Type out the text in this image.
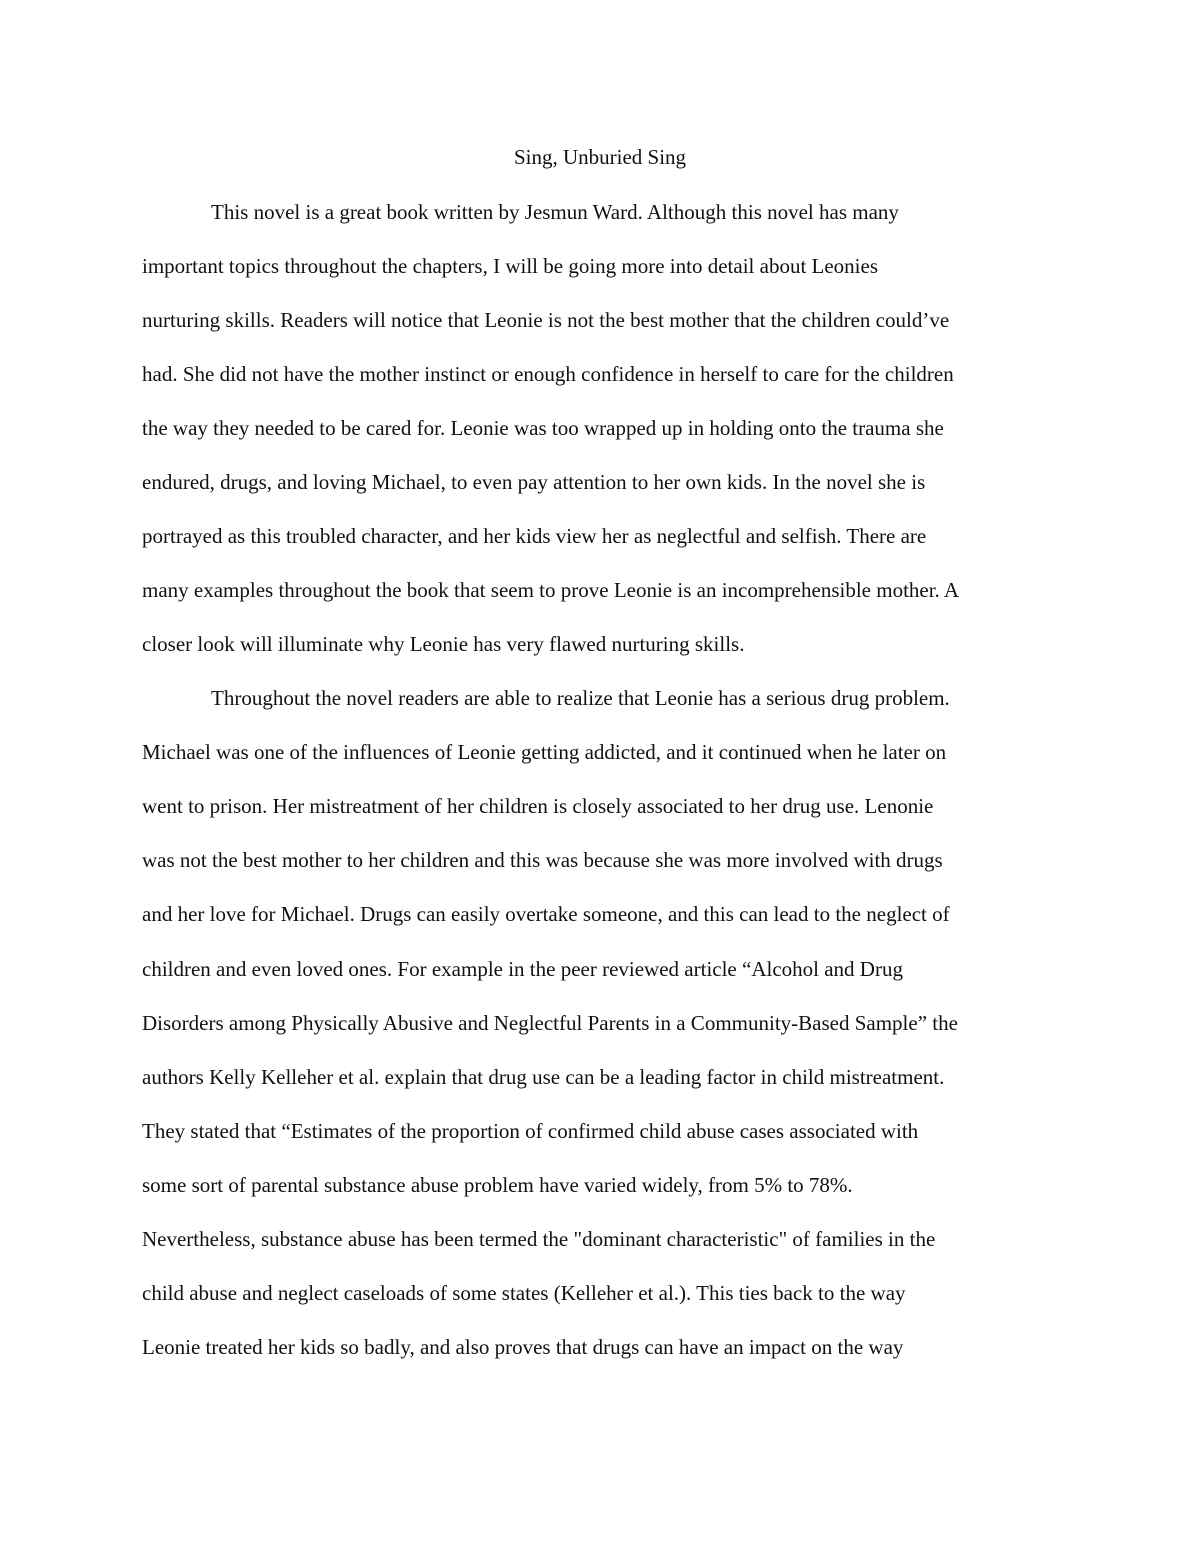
Sing, Unburied Sing

This novel is a great book written by Jesmun Ward. Although this novel has many

important topics throughout the chapters, I will be going more into detail about Leonies

nurturing skills. Readers will notice that Leonie is not the best mother that the children could’ve

had. She did not have the mother instinct or enough confidence in herself to care for the children

the way they needed to be cared for. Leonie was too wrapped up in holding onto the trauma she

endured, drugs, and loving Michael, to even pay attention to her own kids. In the novel she is

portrayed as this troubled character, and her kids view her as neglectful and selfish. There are

many examples throughout the book that seem to prove Leonie is an incomprehensible mother. A

closer look will illuminate why Leonie has very flawed nurturing skills.

Throughout the novel readers are able to realize that Leonie has a serious drug problem.

Michael was one of the influences of Leonie getting addicted, and it continued when he later on

went to prison. Her mistreatment of her children is closely associated to her drug use. Lenonie

was not the best mother to her children and this was because she was more involved with drugs

and her love for Michael. Drugs can easily overtake someone, and this can lead to the neglect of

children and even loved ones. For example in the peer reviewed article “Alcohol and Drug

Disorders among Physically Abusive and Neglectful Parents in a Community-Based Sample” the

authors Kelly Kelleher et al. explain that drug use can be a leading factor in child mistreatment.

They stated that “Estimates of the proportion of confirmed child abuse cases associated with

some sort of parental substance abuse problem have varied widely, from 5% to 78%.

Nevertheless, substance abuse has been termed the "dominant characteristic" of families in the

child abuse and neglect caseloads of some states (Kelleher et al.). This ties back to the way

Leonie treated her kids so badly, and also proves that drugs can have an impact on the way
